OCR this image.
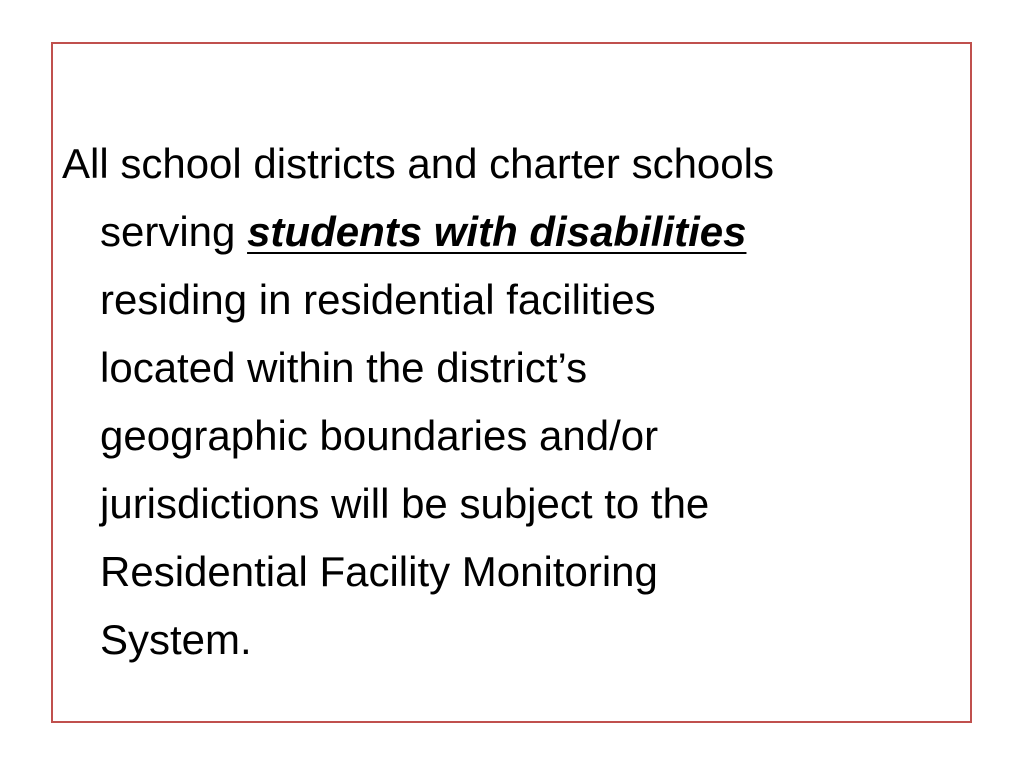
All school districts and charter schools
serving students with disabilities
residing in residential facilities
located within the district’s
geographic boundaries and/or
jurisdictions will be subject to the
Residential Facility Monitoring
System.
